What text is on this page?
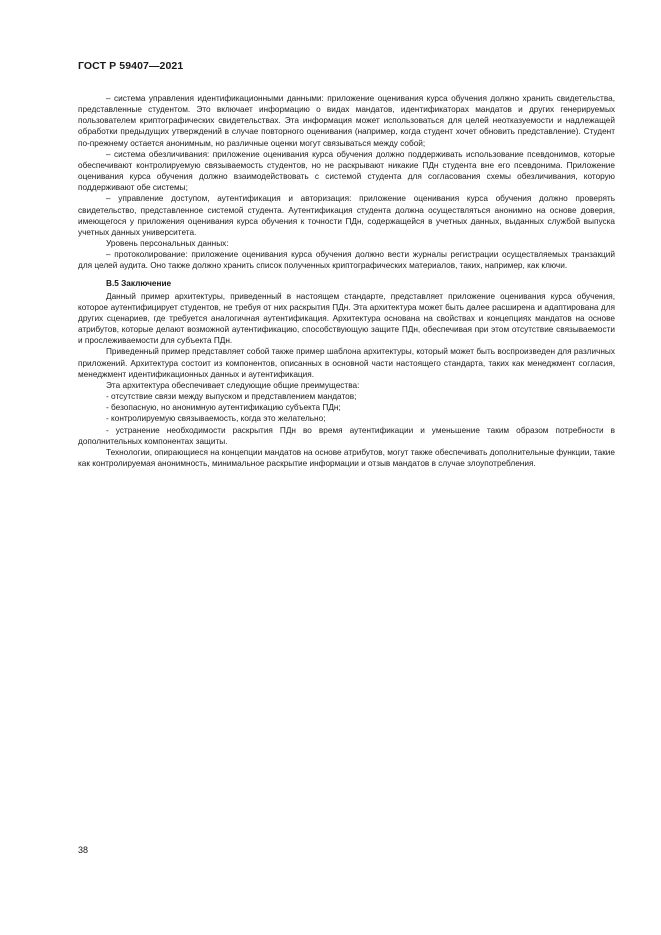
ГОСТ Р 59407—2021

– система управления идентификационными данными: приложение оценивания курса обучения должно хранить свидетельства, представленные студентом. Это включает информацию о видах мандатов, идентификаторах мандатов и других генерируемых пользователем криптографических свидетельствах. Эта информация может использоваться для целей неотказуемости и надлежащей обработки предыдущих утверждений в случае повторного оценивания (например, когда студент хочет обновить представление). Студент по-прежнему остается анонимным, но различные оценки могут связываться между собой;

– система обезличивания: приложение оценивания курса обучения должно поддерживать использование псевдонимов, которые обеспечивают контролируемую связываемость студентов, но не раскрывают никакие ПДн студента вне его псевдонима. Приложение оценивания курса обучения должно взаимодействовать с системой студента для согласования схемы обезличивания, которую поддерживают обе системы;

– управление доступом, аутентификация и авторизация: приложение оценивания курса обучения должно проверять свидетельство, представленное системой студента. Аутентификация студента должна осуществляться анонимно на основе доверия, имеющегося у приложения оценивания курса обучения к точности ПДн, содержащейся в учетных данных, выданных службой выпуска учетных данных университета.

Уровень персональных данных:

– протоколирование: приложение оценивания курса обучения должно вести журналы регистрации осуществляемых транзакций для целей аудита. Оно также должно хранить список полученных криптографических материалов, таких, например, как ключи.

В.5 Заключение

Данный пример архитектуры, приведенный в настоящем стандарте, представляет приложение оценивания курса обучения, которое аутентифицирует студентов, не требуя от них раскрытия ПДн. Эта архитектура может быть далее расширена и адаптирована для других сценариев, где требуется аналогичная аутентификация. Архитектура основана на свойствах и концепциях мандатов на основе атрибутов, которые делают возможной аутентификацию, способствующую защите ПДн, обеспечивая при этом отсутствие связываемости и прослеживаемости для субъекта ПДн.

Приведенный пример представляет собой также пример шаблона архитектуры, который может быть воспроизведен для различных приложений. Архитектура состоит из компонентов, описанных в основной части настоящего стандарта, таких как менеджмент согласия, менеджмент идентификационных данных и аутентификация.

Эта архитектура обеспечивает следующие общие преимущества:

- отсутствие связи между выпуском и представлением мандатов;

- безопасную, но анонимную аутентификацию субъекта ПДн;

- контролируемую связываемость, когда это желательно;

- устранение необходимости раскрытия ПДн во время аутентификации и уменьшение таким образом потребности в дополнительных компонентах защиты.

Технологии, опирающиеся на концепции мандатов на основе атрибутов, могут также обеспечивать дополнительные функции, такие как контролируемая анонимность, минимальное раскрытие информации и отзыв мандатов в случае злоупотребления.

38
